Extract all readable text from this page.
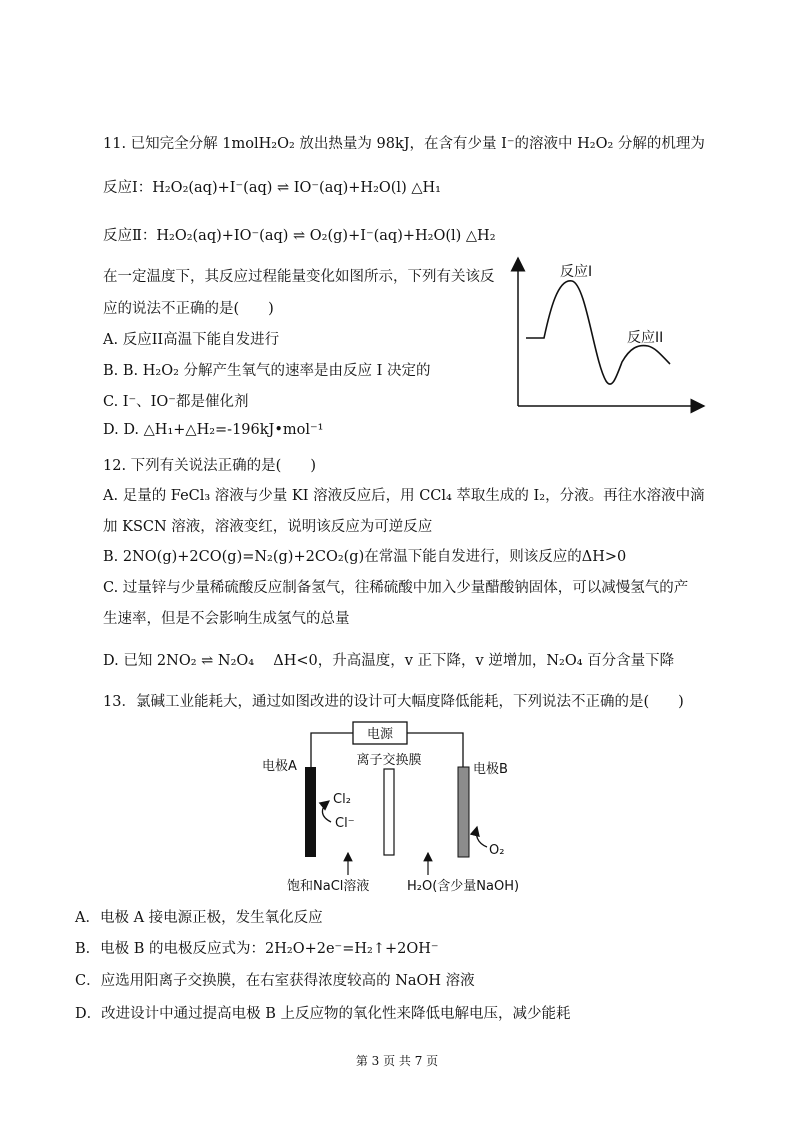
11. 已知完全分解 1molH₂O₂ 放出热量为 98kJ，在含有少量 I⁻的溶液中 H₂O₂ 分解的机理为
反应Ⅰ：H₂O₂(aq)+I⁻(aq) ⇌ IO⁻(aq)+H₂O(l) △H₁
反应Ⅱ：H₂O₂(aq)+IO⁻(aq) ⇌ O₂(g)+I⁻(aq)+H₂O(l) △H₂
在一定温度下，其反应过程能量变化如图所示，下列有关该反
应的说法不正确的是(　　)
A. 反应II高温下能自发进行
B. B. H₂O₂ 分解产生氧气的速率是由反应 I 决定的
C. I⁻、IO⁻都是催化剂
D. D. △H₁+△H₂=-196kJ•mol⁻¹
反应I
反应II
12. 下列有关说法正确的是(　　)
A. 足量的 FeCl₃ 溶液与少量 KI 溶液反应后，用 CCl₄ 萃取生成的 I₂，分液。再往水溶液中滴
加 KSCN 溶液，溶液变红，说明该反应为可逆反应
B. 2NO(g)+2CO(g)=N₂(g)+2CO₂(g)在常温下能自发进行，则该反应的ΔH>0
C. 过量锌与少量稀硫酸反应制备氢气，往稀硫酸中加入少量醋酸钠固体，可以减慢氢气的产
生速率，但是不会影响生成氢气的总量
D. 已知 2NO₂ ⇌ N₂O₄　 ΔH<0，升高温度，v 正下降，v 逆增加，N₂O₄ 百分含量下降
13．氯碱工业能耗大，通过如图改进的设计可大幅度降低能耗，下列说法不正确的是(　　)
电源
电极A	离子交换膜
电极B
Cl₂
Cl⁻
O₂
饱和NaCl溶液	H₂O(含少量NaOH)
A．电极 A 接电源正极，发生氧化反应
B．电极 B 的电极反应式为：2H₂O+2e⁻=H₂↑+2OH⁻
C．应选用阳离子交换膜，在右室获得浓度较高的 NaOH 溶液
D．改进设计中通过提高电极 B 上反应物的氧化性来降低电解电压，减少能耗
第 3 页 共 7 页
